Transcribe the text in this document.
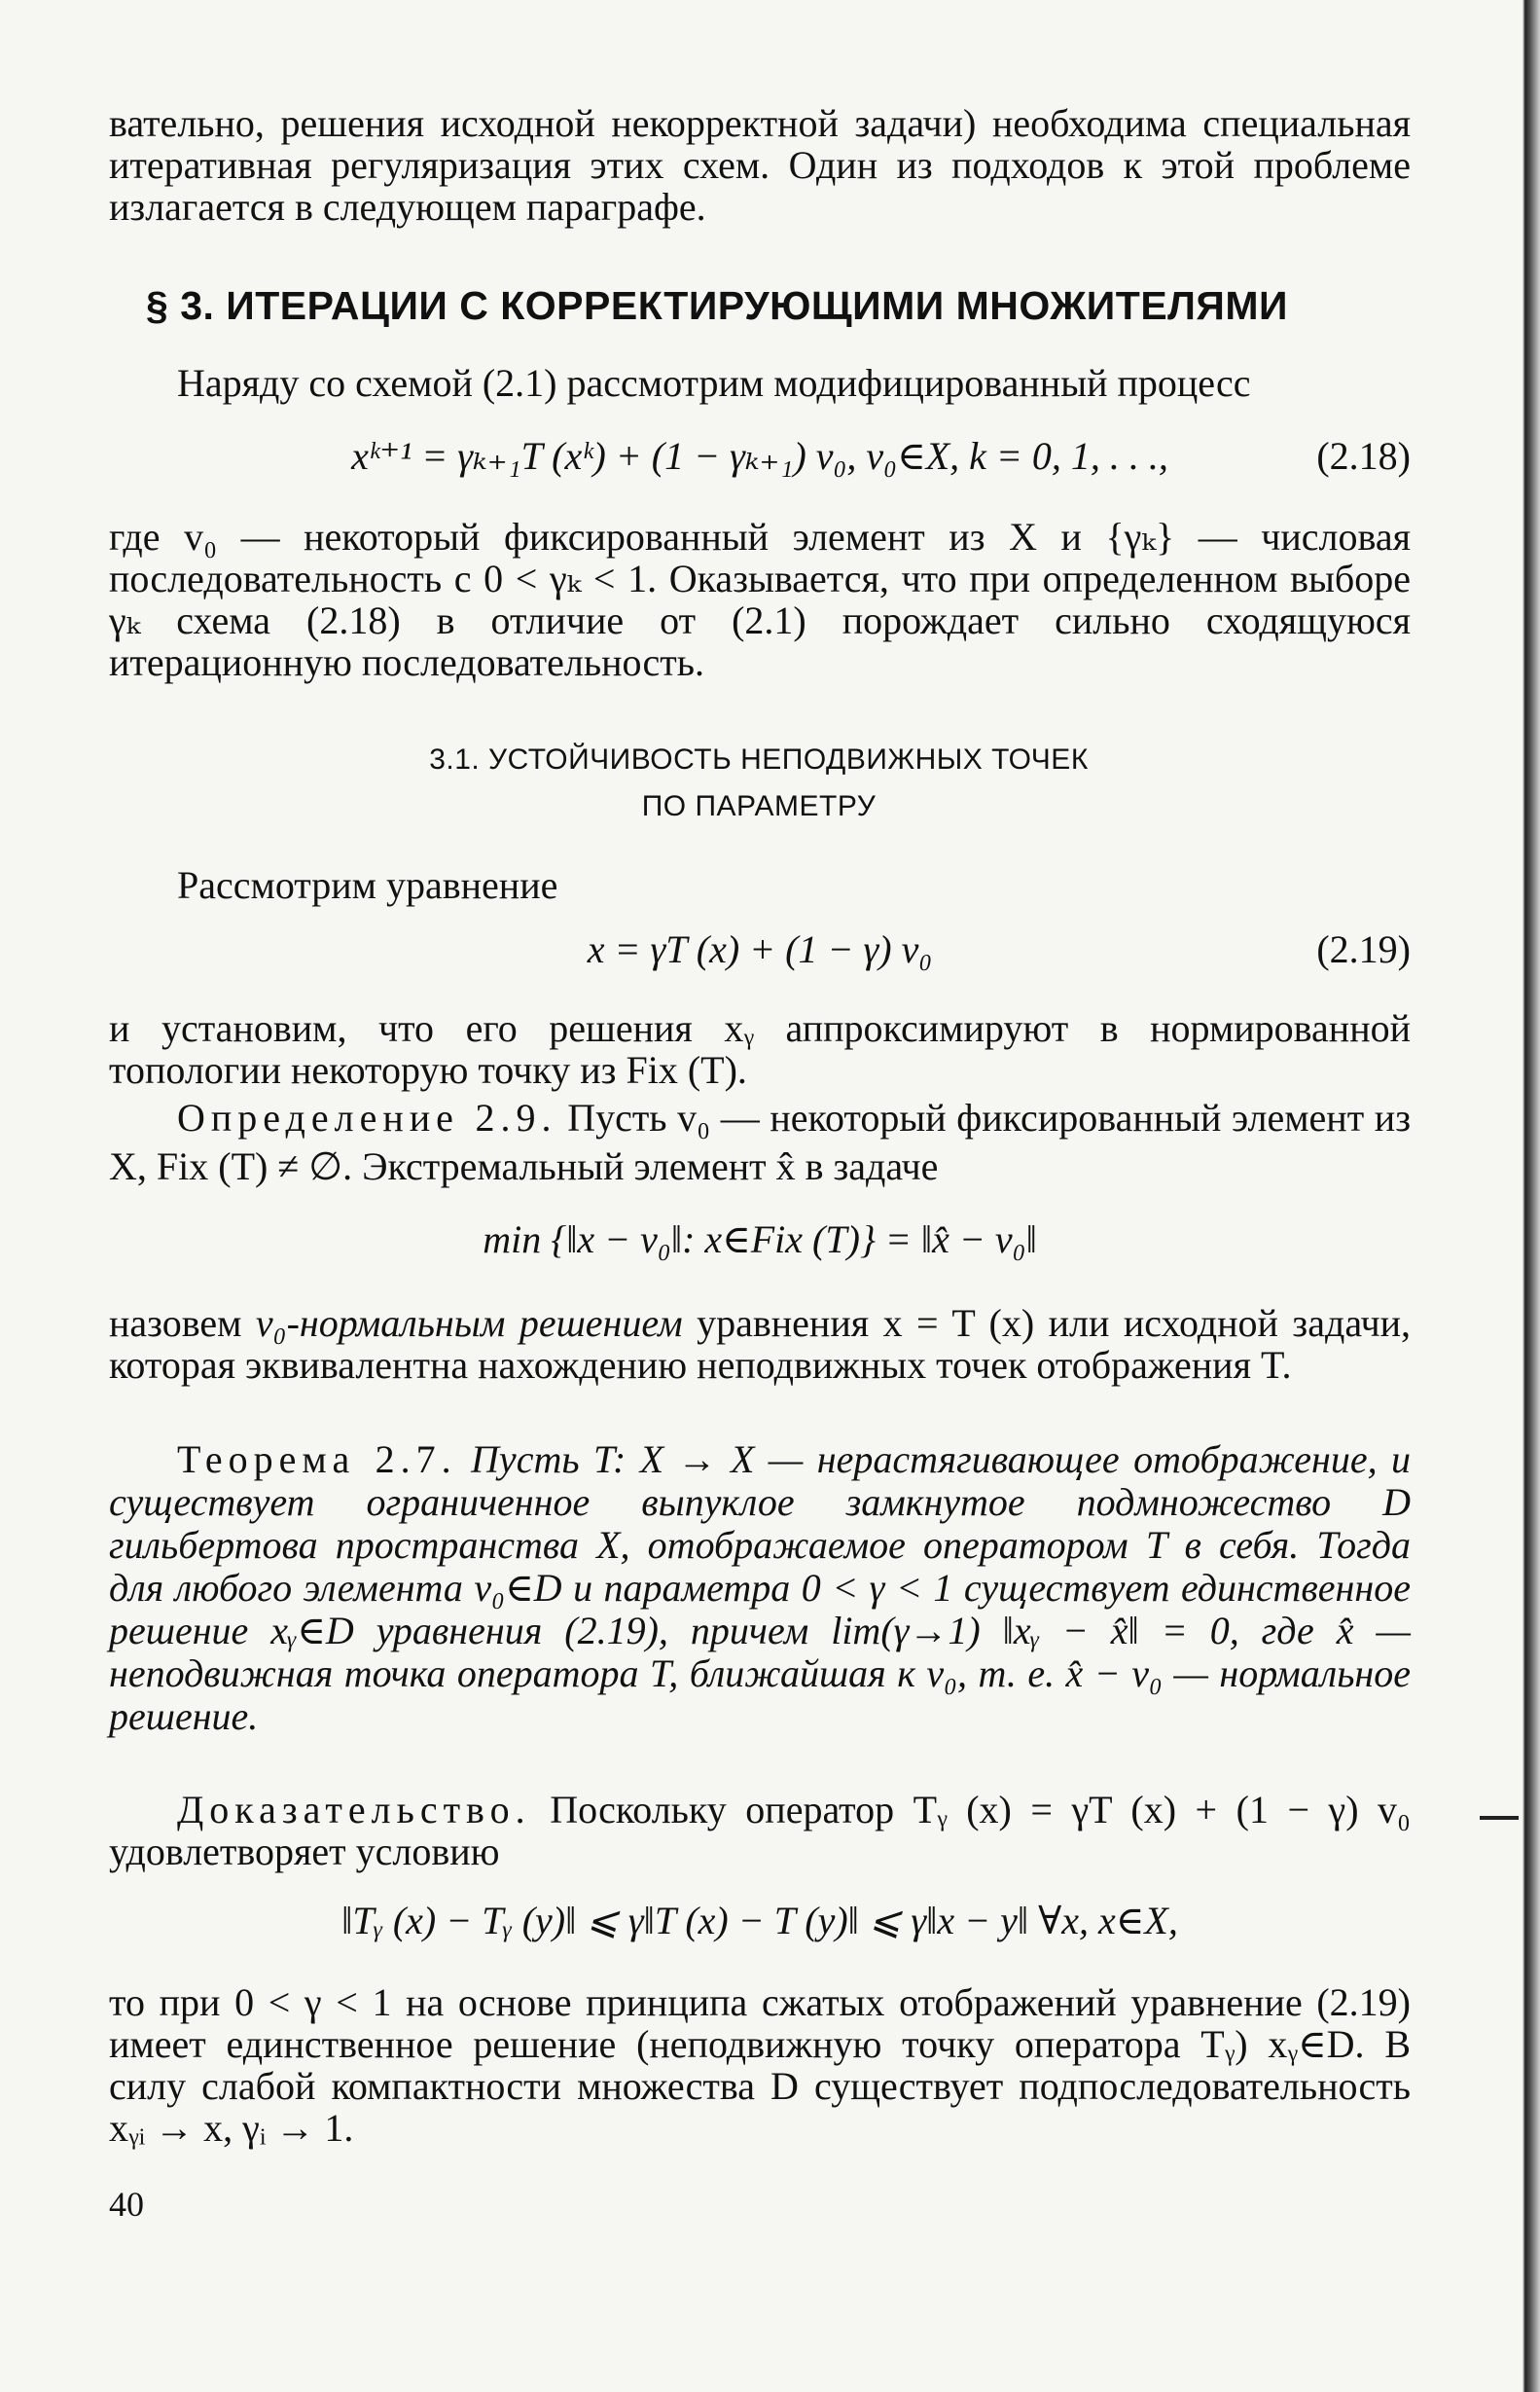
вательно, решения исходной некорректной задачи) необходима специальная итеративная регуляризация этих схем. Один из подходов к этой проблеме излагается в следующем параграфе.
§ 3. ИТЕРАЦИИ С КОРРЕКТИРУЮЩИМИ МНОЖИТЕЛЯМИ
Наряду со схемой (2.1) рассмотрим модифицированный процесс
xᵏ⁺¹ = γₖ₊₁T (xᵏ) + (1 − γₖ₊₁) v₀, v₀∈X, k = 0, 1, . . .,	(2.18)
где v₀ — некоторый фиксированный элемент из X и {γₖ} — числовая последовательность с 0 < γₖ < 1. Оказывается, что при определенном выборе γₖ схема (2.18) в отличие от (2.1) порождает сильно сходящуюся итерационную последовательность.
3.1. УСТОЙЧИВОСТЬ НЕПОДВИЖНЫХ ТОЧЕК
ПО ПАРАМЕТРУ
Рассмотрим уравнение
x = γT (x) + (1 − γ) v₀	(2.19)
и установим, что его решения xᵧ аппроксимируют в нормированной топологии некоторую точку из Fix (T).
Определение 2.9. Пусть v₀ — некоторый фиксированный элемент из X, Fix (T) ≠ ∅. Экстремальный элемент x̂ в задаче
min {‖x − v₀‖: x∈Fix (T)} = ‖x̂ − v₀‖
назовем v₀-нормальным решением уравнения x = T (x) или исходной задачи, которая эквивалентна нахождению неподвижных точек отображения T.
Теорема 2.7. Пусть T: X → X — нерастягивающее отображение, и существует ограниченное выпуклое замкнутое подмножество D гильбертова пространства X, отображаемое оператором T в себя. Тогда для любого элемента v₀∈D и параметра 0 < γ < 1 существует единственное решение xᵧ∈D уравнения (2.19), причем lim(γ→1) ‖xᵧ − x̂‖ = 0, где x̂ — неподвижная точка оператора T, ближайшая к v₀, т. е. x̂ − v₀ — нормальное решение.
Доказательство. Поскольку оператор Tᵧ (x) = γT (x) + (1 − γ) v₀ удовлетворяет условию
‖Tᵧ (x) − Tᵧ (y)‖ ⩽ γ‖T (x) − T (y)‖ ⩽ γ‖x − y‖ ∀x, x∈X,
то при 0 < γ < 1 на основе принципа сжатых отображений уравнение (2.19) имеет единственное решение (неподвижную точку оператора Tᵧ) xᵧ∈D. В силу слабой компактности множества D существует подпоследовательность xᵧᵢ → x, γᵢ → 1.
40
